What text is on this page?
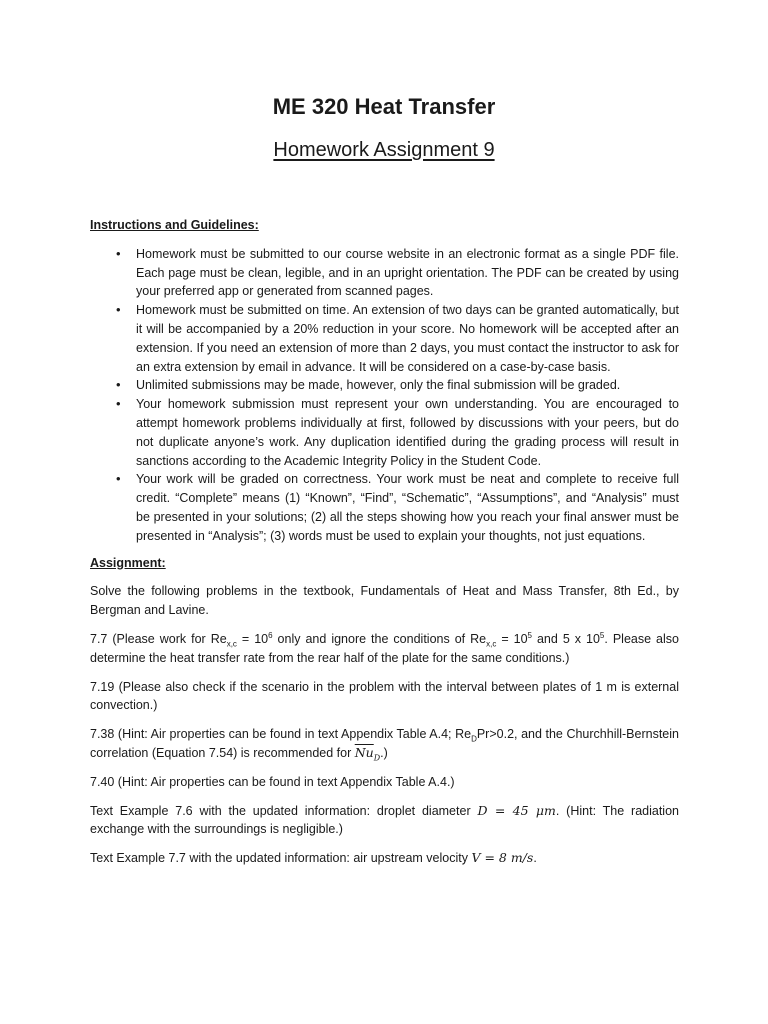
ME 320 Heat Transfer
Homework Assignment 9

Instructions and Guidelines:

• Homework must be submitted to our course website in an electronic format as a single PDF file. Each page must be clean, legible, and in an upright orientation. The PDF can be created by using your preferred app or generated from scanned pages.
• Homework must be submitted on time. An extension of two days can be granted automatically, but it will be accompanied by a 20% reduction in your score. No homework will be accepted after an extension. If you need an extension of more than 2 days, you must contact the instructor to ask for an extra extension by email in advance. It will be considered on a case-by-case basis.
• Unlimited submissions may be made, however, only the final submission will be graded.
• Your homework submission must represent your own understanding. You are encouraged to attempt homework problems individually at first, followed by discussions with your peers, but do not duplicate anyone’s work. Any duplication identified during the grading process will result in sanctions according to the Academic Integrity Policy in the Student Code.
• Your work will be graded on correctness. Your work must be neat and complete to receive full credit. “Complete” means (1) “Known”, “Find”, “Schematic”, “Assumptions”, and “Analysis” must be presented in your solutions; (2) all the steps showing how you reach your final answer must be presented in “Analysis”; (3) words must be used to explain your thoughts, not just equations.

Assignment:

Solve the following problems in the textbook, Fundamentals of Heat and Mass Transfer, 8th Ed., by Bergman and Lavine.

7.7 (Please work for $Re_{x,c} = 10^6$ only and ignore the conditions of $Re_{x,c} = 10^5$ and 5 x $10^5$. Please also determine the heat transfer rate from the rear half of the plate for the same conditions.)

7.19 (Please also check if the scenario in the problem with the interval between plates of 1 m is external convection.)

7.38 (Hint: Air properties can be found in text Appendix Table A.4; $Re_DPr>0.2$, and the Churchhill-Bernstein correlation (Equation 7.54) is recommended for $\overline{Nu}_D$.)

7.40 (Hint: Air properties can be found in text Appendix Table A.4.)

Text Example 7.6 with the updated information: droplet diameter D = 45 μm. (Hint: The radiation exchange with the surroundings is negligible.)

Text Example 7.7 with the updated information: air upstream velocity V = 8 m/s.
